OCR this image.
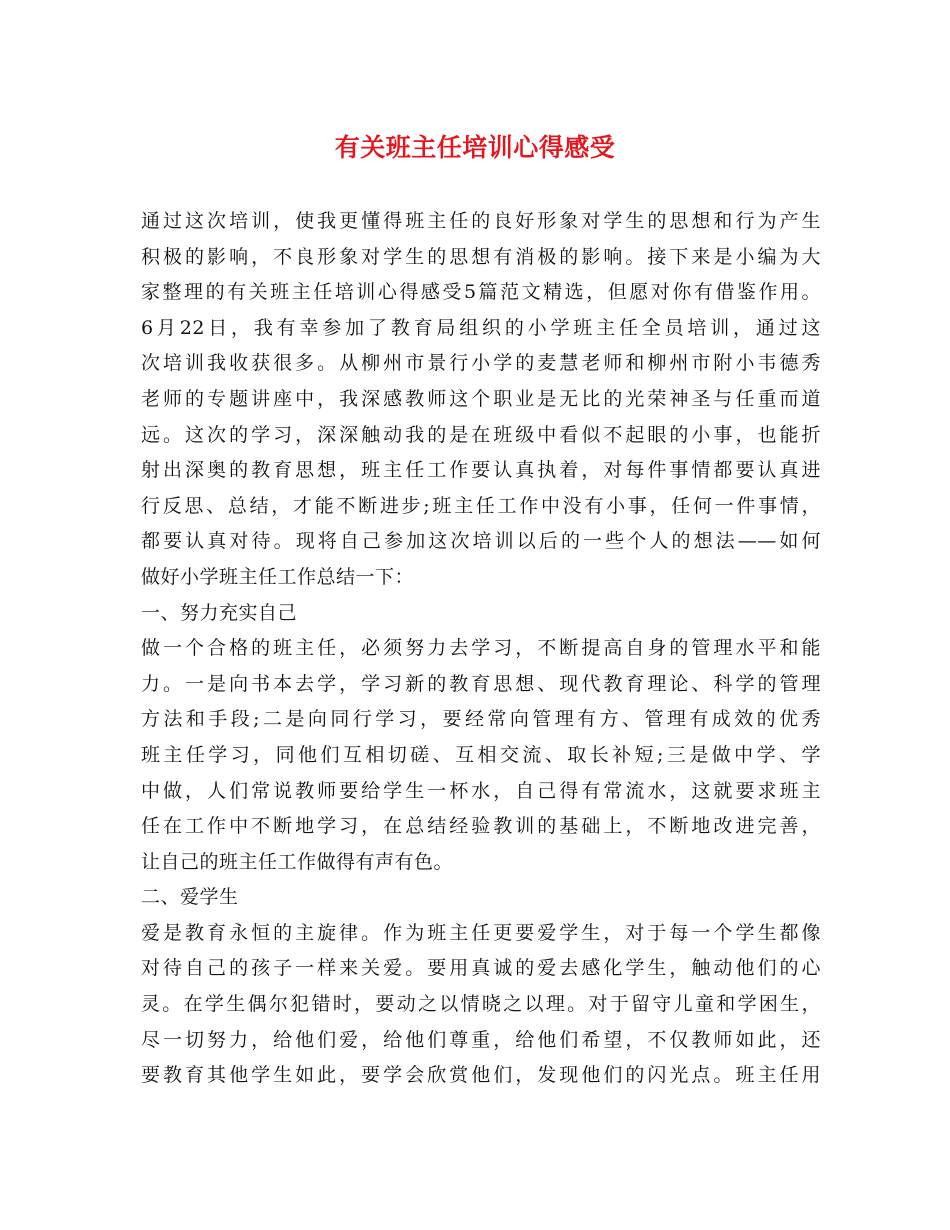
有关班主任培训心得感受
通过这次培训，使我更懂得班主任的良好形象对学生的思想和行为产生
积极的影响，不良形象对学生的思想有消极的影响。接下来是小编为大
家整理的有关班主任培训心得感受5篇范文精选，但愿对你有借鉴作用。
6月22日，我有幸参加了教育局组织的小学班主任全员培训，通过这
次培训我收获很多。从柳州市景行小学的麦慧老师和柳州市附小韦德秀
老师的专题讲座中，我深感教师这个职业是无比的光荣神圣与任重而道
远。这次的学习，深深触动我的是在班级中看似不起眼的小事，也能折
射出深奥的教育思想，班主任工作要认真执着，对每件事情都要认真进
行反思、总结，才能不断进步;班主任工作中没有小事，任何一件事情，
都要认真对待。现将自己参加这次培训以后的一些个人的想法——如何
做好小学班主任工作总结一下：
一、努力充实自己
做一个合格的班主任，必须努力去学习，不断提高自身的管理水平和能
力。一是向书本去学，学习新的教育思想、现代教育理论、科学的管理
方法和手段;二是向同行学习，要经常向管理有方、管理有成效的优秀
班主任学习，同他们互相切磋、互相交流、取长补短;三是做中学、学
中做，人们常说教师要给学生一杯水，自己得有常流水，这就要求班主
任在工作中不断地学习，在总结经验教训的基础上，不断地改进完善，
让自己的班主任工作做得有声有色。
二、爱学生
爱是教育永恒的主旋律。作为班主任更要爱学生，对于每一个学生都像
对待自己的孩子一样来关爱。要用真诚的爱去感化学生，触动他们的心
灵。在学生偶尔犯错时，要动之以情晓之以理。对于留守儿童和学困生，
尽一切努力，给他们爱，给他们尊重，给他们希望，不仅教师如此，还
要教育其他学生如此，要学会欣赏他们，发现他们的闪光点。班主任用
